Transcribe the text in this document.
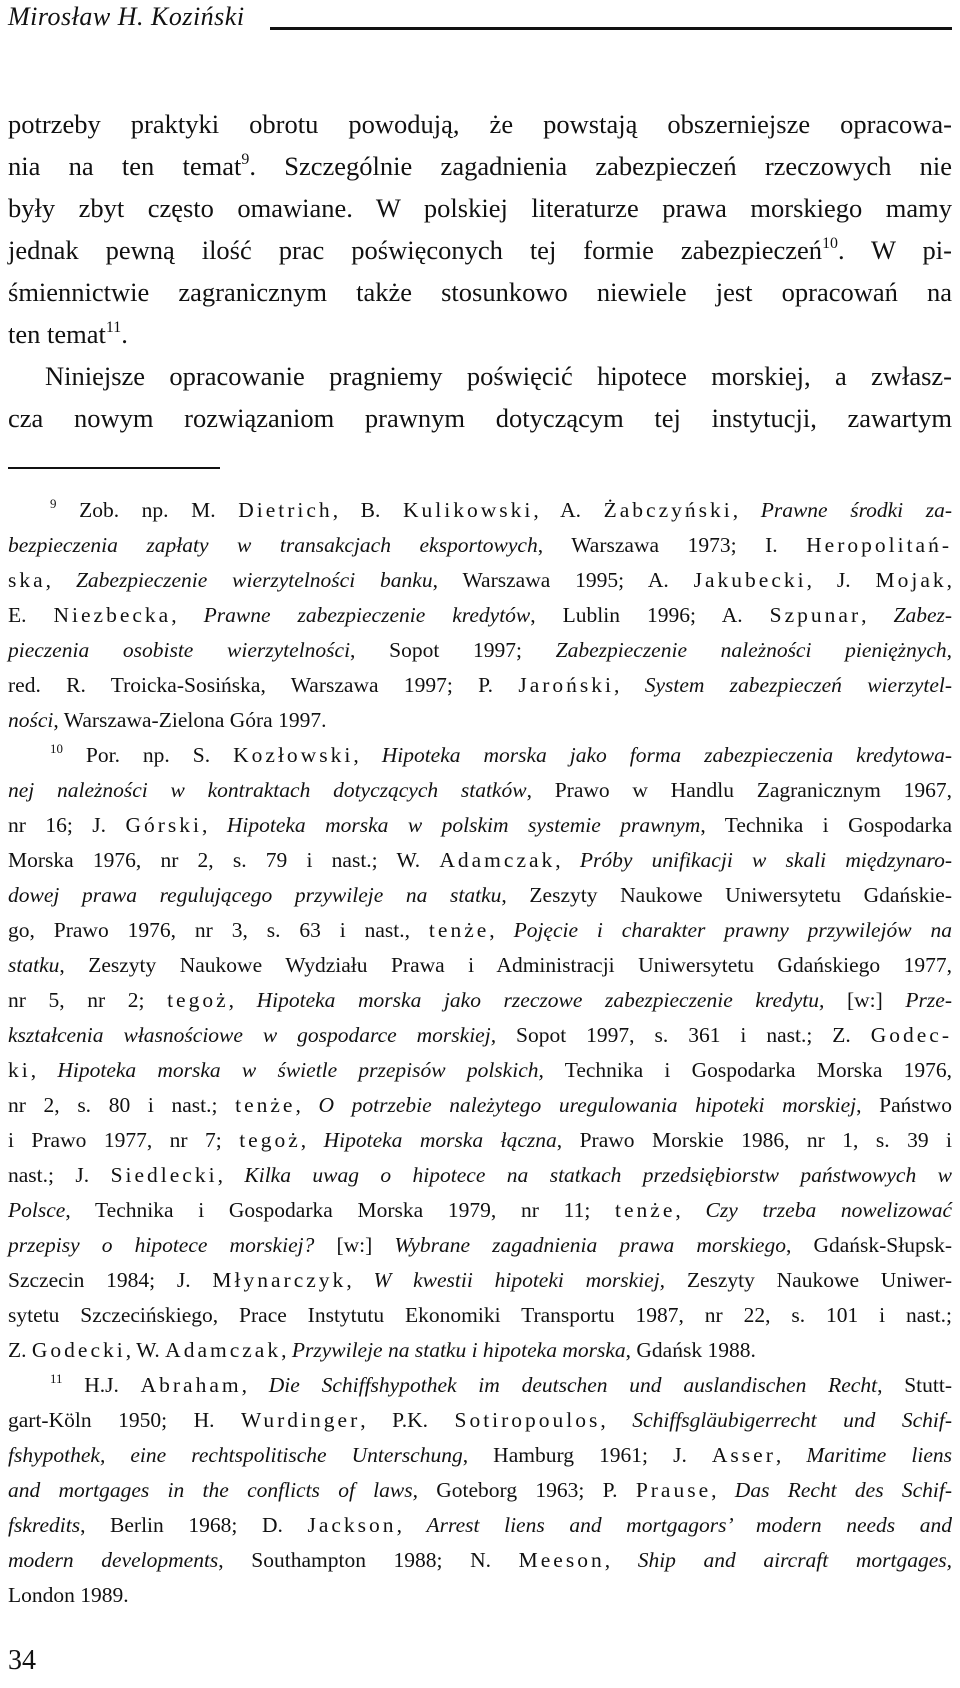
Mirosław H. Koziński
potrzeby praktyki obrotu powodują, że powstają obszerniejsze opracowa-
nia na ten temat$^9$. Szczególnie zagadnienia zabezpieczeń rzeczowych nie
były zbyt często omawiane. W polskiej literaturze prawa morskiego mamy
jednak pewną ilość prac poświęconych tej formie zabezpieczeń$^{10}$. W pi-
śmiennictwie zagranicznym także stosunkowo niewiele jest opracowań na
ten temat$^{11}$.
Niniejsze opracowanie pragniemy poświęcić hipotece morskiej, a zwłasz-
cza nowym rozwiązaniom prawnym dotyczącym tej instytucji, zawartym
$^9$ Zob. np. M. Dietrich, B. Kulikowski, A. Żabczyński, Prawne środki za-
bezpieczenia zapłaty w transakcjach eksportowych, Warszawa 1973; I. Heropolitań-
ska, Zabezpieczenie wierzytelności banku, Warszawa 1995; A. Jakubecki, J. Mojak,
E. Niezbecka, Prawne zabezpieczenie kredytów, Lublin 1996; A. Szpunar, Zabez-
pieczenia osobiste wierzytelności, Sopot 1997; Zabezpieczenie należności pieniężnych,
red. R. Troicka-Sosińska, Warszawa 1997; P. Jaroński, System zabezpieczeń wierzytel-
ności, Warszawa-Zielona Góra 1997.
$^{10}$ Por. np. S. Kozłowski, Hipoteka morska jako forma zabezpieczenia kredytowa-
nej należności w kontraktach dotyczących statków, Prawo w Handlu Zagranicznym 1967,
nr 16; J. Górski, Hipoteka morska w polskim systemie prawnym, Technika i Gospodarka
Morska 1976, nr 2, s. 79 i nast.; W. Adamczak, Próby unifikacji w skali międzynaro-
dowej prawa regulującego przywileje na statku, Zeszyty Naukowe Uniwersytetu Gdańskie-
go, Prawo 1976, nr 3, s. 63 i nast., tenże, Pojęcie i charakter prawny przywilejów na
statku, Zeszyty Naukowe Wydziału Prawa i Administracji Uniwersytetu Gdańskiego 1977,
nr 5, nr 2; tegoż, Hipoteka morska jako rzeczowe zabezpieczenie kredytu, [w:] Prze-
kształcenia własnościowe w gospodarce morskiej, Sopot 1997, s. 361 i nast.; Z. Godec-
ki, Hipoteka morska w świetle przepisów polskich, Technika i Gospodarka Morska 1976,
nr 2, s. 80 i nast.; tenże, O potrzebie należytego uregulowania hipoteki morskiej, Państwo
i Prawo 1977, nr 7; tegoż, Hipoteka morska łączna, Prawo Morskie 1986, nr 1, s. 39 i
nast.; J. Siedlecki, Kilka uwag o hipotece na statkach przedsiębiorstw państwowych w
Polsce, Technika i Gospodarka Morska 1979, nr 11; tenże, Czy trzeba nowelizować
przepisy o hipotece morskiej? [w:] Wybrane zagadnienia prawa morskiego, Gdańsk-Słupsk-
Szczecin 1984; J. Młynarczyk, W kwestii hipoteki morskiej, Zeszyty Naukowe Uniwer-
sytetu Szczecińskiego, Prace Instytutu Ekonomiki Transportu 1987, nr 22, s. 101 i nast.;
Z. Godecki, W. Adamczak, Przywileje na statku i hipoteka morska, Gdańsk 1988.
$^{11}$ H.J. Abraham, Die Schiffshypothek im deutschen und auslandischen Recht, Stutt-
gart-Köln 1950; H. Wurdinger, P.K. Sotiropoulos, Schiffsgläubigerrecht und Schif-
fshypothek, eine rechtspolitische Unterschung, Hamburg 1961; J. Asser, Maritime liens
and mortgages in the conflicts of laws, Goteborg 1963; P. Prause, Das Recht des Schif-
fskredits, Berlin 1968; D. Jackson, Arrest liens and mortgagors’ modern needs and
modern developments, Southampton 1988; N. Meeson, Ship and aircraft mortgages,
London 1989.
34
